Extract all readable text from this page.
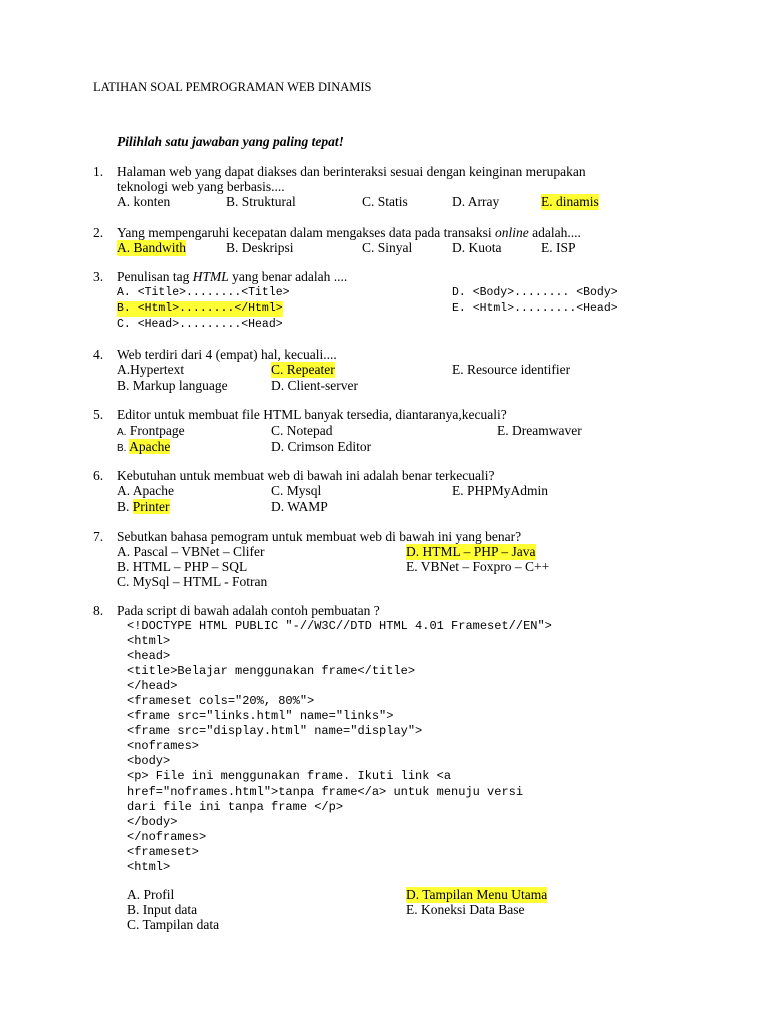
LATIHAN SOAL PEMROGRAMAN WEB DINAMIS
Pilihlah satu jawaban yang paling tepat!
1. Halaman web yang dapat diakses dan berinteraksi sesuai dengan keinginan merupakan
teknologi web yang berbasis....
A. konten	B. Struktural	C. Statis	D. Array	E. dinamis
2. Yang mempengaruhi kecepatan dalam mengakses data pada transaksi online adalah....
A. Bandwith	B. Deskripsi	C. Sinyal	D. Kuota	E. ISP
3. Penulisan tag HTML yang benar adalah ....
A. <Title>........<Title>
B. <Html>........</Html>
C. <Head>.........<Head>
D. <Body>........ <Body>
E. <Html>.........<Head>
4. Web terdiri dari 4 (empat) hal, kecuali....
A.Hypertext
B. Markup language
C. Repeater
D. Client-server
E. Resource identifier
5. Editor untuk membuat file HTML banyak tersedia, diantaranya,kecuali?
A. Frontpage
B. Apache
C. Notepad
D. Crimson Editor
E. Dreamwaver
6. Kebutuhan untuk membuat web di bawah ini adalah benar terkecuali?
A. Apache
B. Printer
C. Mysql
D. WAMP
E. PHPMyAdmin
7. Sebutkan bahasa pemogram untuk membuat web di bawah ini yang benar?
A. Pascal – VBNet – Clifer
B. HTML – PHP – SQL
C. MySql – HTML - Fotran
D. HTML – PHP – Java
E. VBNet – Foxpro – C++
8. Pada script di bawah adalah contoh pembuatan ?
<!DOCTYPE HTML PUBLIC "-//W3C//DTD HTML 4.01 Frameset//EN">
<html>
<head>
<title>Belajar menggunakan frame</title>
</head>
<frameset cols="20%, 80%">
<frame src="links.html" name="links">
<frame src="display.html" name="display">
<noframes>
<body>
<p> File ini menggunakan frame. Ikuti link <a
href="noframes.html">tanpa frame</a> untuk menuju versi
dari file ini tanpa frame </p>
</body>
</noframes>
<frameset>
<html>
A. Profil
B. Input data
C. Tampilan data
D. Tampilan Menu Utama
E. Koneksi Data Base
